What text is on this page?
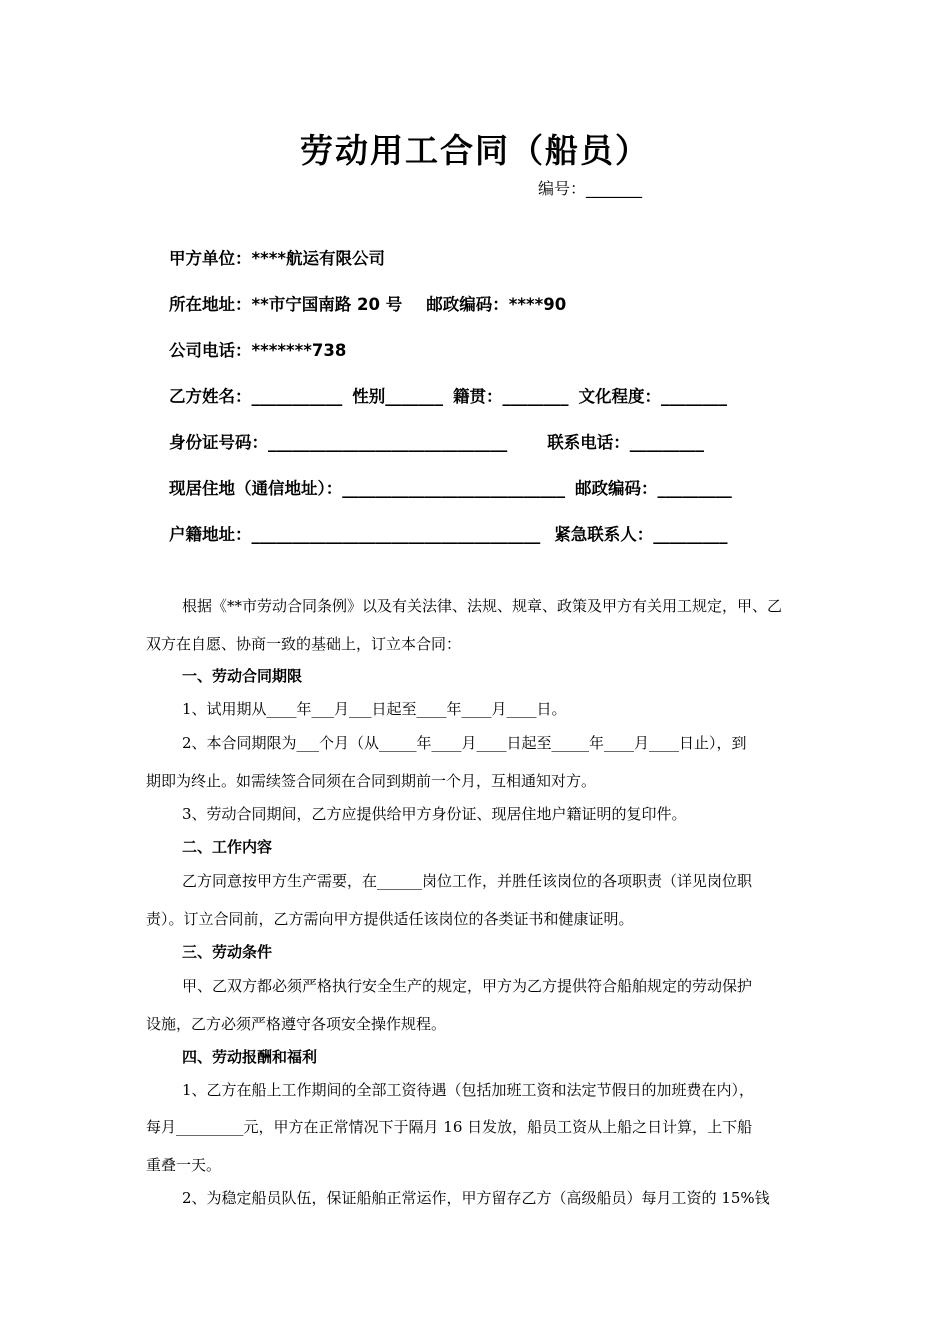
劳动用工合同（船员）
编号：_______

甲方单位：****航运有限公司

所在地址：**市宁国南路 20 号 邮政编码：****90

公司电话：*******738

乙方姓名：___________ 性别_______ 籍贯：________ 文化程度：________

身份证号码：_____________________________ 联系电话：_________

现居住地（通信地址）：___________________________ 邮政编码：_________

户籍地址：___________________________________ 紧急联系人：_________

根据《**市劳动合同条例》以及有关法律、法规、规章、政策及甲方有关用工规定，甲、乙
双方在自愿、协商一致的基础上，订立本合同：
一、劳动合同期限
1、试用期从____年___月___日起至____年____月____日。
2、本合同期限为___个月（从_____年____月____日起至_____年____月____日止），到
期即为终止。如需续签合同须在合同到期前一个月，互相通知对方。
3、劳动合同期间，乙方应提供给甲方身份证、现居住地户籍证明的复印件。
二、工作内容
乙方同意按甲方生产需要，在______岗位工作，并胜任该岗位的各项职责（详见岗位职
责）。订立合同前，乙方需向甲方提供适任该岗位的各类证书和健康证明。
三、劳动条件
甲、乙双方都必须严格执行安全生产的规定，甲方为乙方提供符合船舶规定的劳动保护
设施，乙方必须严格遵守各项安全操作规程。
四、劳动报酬和福利
1、乙方在船上工作期间的全部工资待遇（包括加班工资和法定节假日的加班费在内），
每月_________元，甲方在正常情况下于隔月 16 日发放，船员工资从上船之日计算，上下船
重叠一天。
2、为稳定船员队伍，保证船舶正常运作，甲方留存乙方（高级船员）每月工资的 15%钱
